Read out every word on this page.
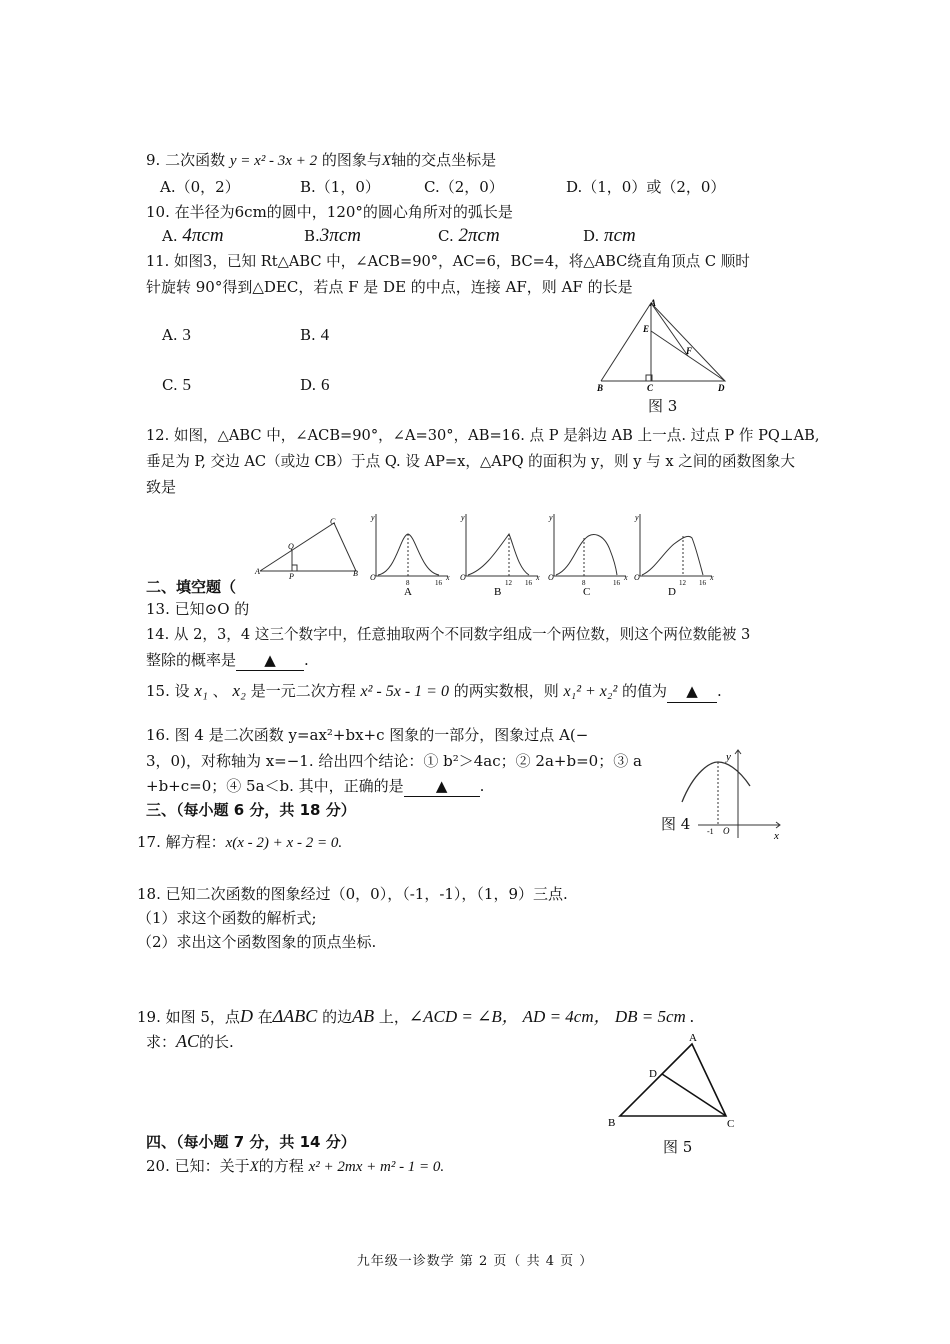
9. 二次函数 y = x² - 3x + 2 的图象与X轴的交点坐标是
A.（0，2）	B.（1，0）	C.（2，0）	D.（1，0）或（2，0）
10. 在半径为6cm的圆中，120°的圆心角所对的弧长是
A. 4πcm	B.3πcm	C. 2πcm	D. πcm
11. 如图3，已知 Rt△ABC 中，∠ACB=90°，AC=6，BC=4，将△ABC绕直角顶点 C 顺时
针旋转 90°得到△DEC，若点 F 是 DE 的中点，连接 AF，则 AF 的长是
A. 3	B. 4
C. 5	D. 6
A
E
F
B	C	D
图 3
12. 如图，△ABC 中，∠ACB=90°，∠A=30°，AB=16. 点 P 是斜边 AB 上一点. 过点 P 作 PQ⊥AB,
垂足为 P, 交边 AC（或边 CB）于点 Q. 设 AP=x，△APQ 的面积为 y，则 y 与 x 之间的函数图象大
致是
A
P	B
C
Q
y
O
8	16
x
A
y
O
12 16
x
B
y
O
8	16
x
C
y
O
12 16
x
D
二、填空题（
13. 已知⊙O 的
14. 从 2，3，4 这三个数字中，任意抽取两个不同数字组成一个两位数，则这个两位数能被 3
整除的概率是 ▲ .
15. 设 x₁ 、 x₂ 是一元二次方程 x² - 5x - 1 = 0 的两实数根，则 x₁² + x₂² 的值为 ▲ .
16. 图 4 是二次函数 y=ax²+bx+c 图象的一部分，图象过点 A(−
3，0)，对称轴为 x=−1. 给出四个结论：① b²＞4ac；② 2a+b=0；③ a
+b+c=0；④ 5a＜b. 其中，正确的是 ▲ .
y
x
-1 O
图 4
三、（每小题 6 分，共 18 分）
17. 解方程：x(x - 2) + x - 2 = 0.
18. 已知二次函数的图象经过（0，0），（-1，-1），（1，9）三点.
（1）求这个函数的解析式;
（2）求出这个函数图象的顶点坐标.
19. 如图 5，点D 在ΔABC 的边AB 上，∠ACD = ∠B， AD = 4cm， DB = 5cm .
求：AC的长.	A
D
B	C
图 5
四、（每小题 7 分，共 14 分）
20. 已知：关于X的方程 x² + 2mx + m² - 1 = 0.
九年级一诊数学 第 2 页（ 共 4 页 ）
